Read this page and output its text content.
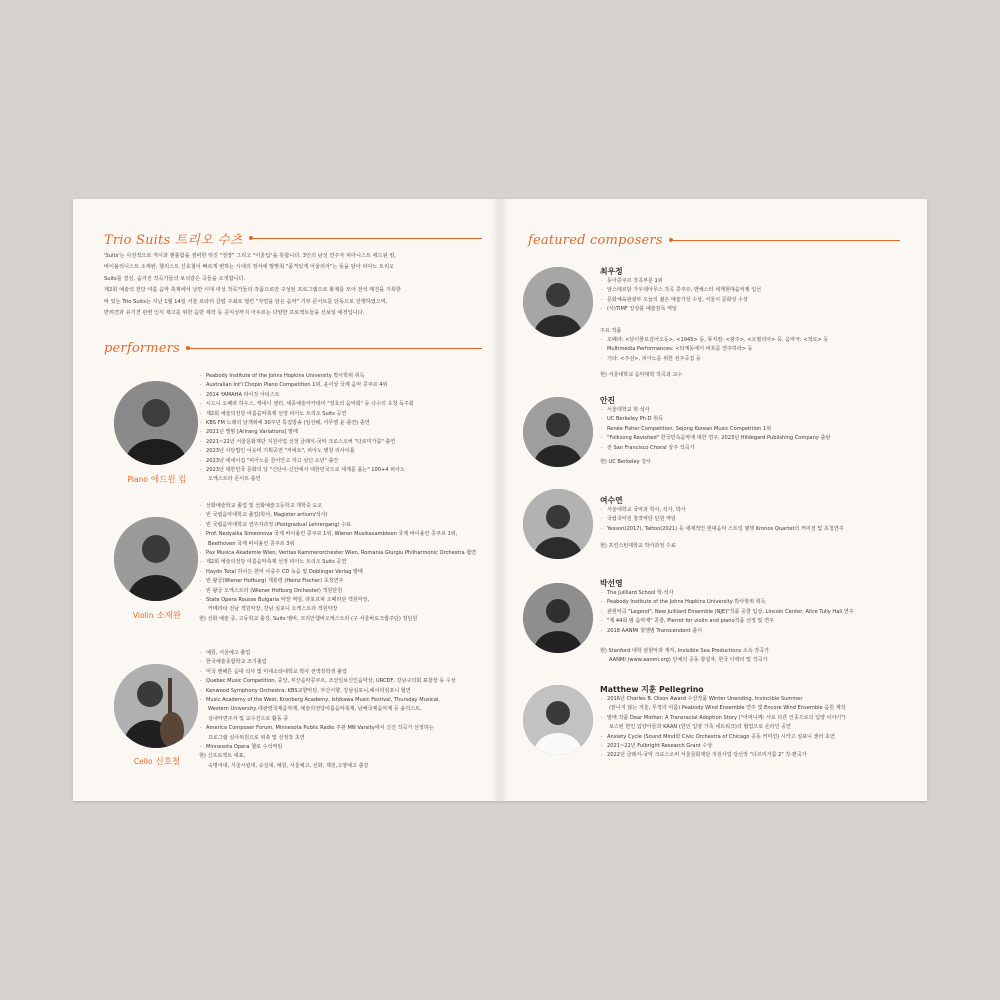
Trio Suits 트리오 수츠

'Suits'는 사전적으로 격식과 젠틀함을 겸비한 멋진 "정장" 그리고 "어울림"을 뜻합니다. 3인의 남성 연주자 피아니스트 에드윈 킴,

바이올리니스트 소재완, 첼리스트 신호철이 빠르게 변하는 시대의 정서에 발맞춰 "품격있게 어울리자"는 뜻을 담아 피아노 트리오

Suits를 결성, 숨겨진 작곡가들의 보석같은 곡들을 소개합니다.

제2회 예술의 전당 여름 음악 축제에서 낭만 시대 여성 작곡가들의 작품으로만 구성된 프로그램으로 화제를 모아 전석 매진을 기록한

바 있는 Trio Suits는 지난 1월 14일 서울 로타리 클럽 주최로 열린 "자연을 담은 음악" 기부 콘서트를 단독으로 진행하였으며,

반려견과 유기견 관련 인식 제고를 위한 음반 제작 등 공익성까지 아우르는 다양한 프로젝트들을 선보일 예정입니다.

performers
Piano 에드윈 킴
· Peabody Institute of the Johns Hopkins University 박사학위 취득
· Australian Int'l Chopin Piano Competition 1위, 윤이상 국제 음악 콩쿠르 4위
· 2014 YAMAHA 라이징 아티스트
· 시드니 오페라 하우스, 케네디 센터, 세종예술아카데미 "정호의 음악회" 등 다수의 초청 독주회
· 제2회 예술의전당 여름음악축제 선정 피아노 트리오 Suits 공연
· KBS FM 노래의 날개위에 30주년 특집방송 (임선혜, 사무엘 윤 출연) 출연
· 2021년 앨범 [Arirang Variations] 발매
· 2021~22년 서울문화재단 지원사업 선정 클래식-국악 크로스오버 "다르미가름" 출연
· 2023년 사단법인 어웃비 기획공연 "저에요", 피아노 병창 리사이틀
· 2023년 에세이집 "피아노를 끌어안고 자고 싶던 소년" 출간
· 2023년 대한민국 문화의 달 "신단이-신안에서 대한민국으로 세계를 품는" 100+4 피아노
오케스트라 콘서트 출연
Violin 소재완
· 선화예술학교 졸업 및 선화예술고등학교 재학중 도오
· 빈 국립음악대학교 졸업(학사, Magister artium/석사)
· 빈 국립음악대학교 연주자과정 (Postgradual Lehrergang) 수료
· Prof. Nedyalka Simeonova 국제 바이올린 콩쿠르 1위, Wiener Musikasambleen 국제 바이올린 콩쿠르 1위,
Beethoven 국제 바이올린 콩쿠르 3위
· Pax Musica Akademie Wien, Veritas Kammerorchester Wien, Romania Giurgiu Philharmonic Orchestra 협연
· 제2회 예술의전당 여름음악축제 선정 피아노 트리오 Suits 공연
· Haydn Total 하이든 현악 사중주 CD 녹음 및 Doblinger Verlag 발매
· 빈 왕궁(Wiener Hofburg) 재통령 (Heinz Fischer) 초청연주
· 빈 왕궁 오케스트라 (Wiener Hofburg Orchester) 객원단원
· State Opera Rousse Bulgaria 악장 역임, 라포르파 오페라단 객원악장,
카메라타 전남 객원악장, 강남 심포니 오케스트라 객원악장
현) 선화 예술 중, 고등학교 출강, Suits 멤버, 코리안챔버오케스트라 (구 서울바로크합주단) 정단원
Cello 신호철
· 예원, 서울예고 졸업
· 한국예술종합학교 조기졸업
· 미국 맨해튼 음대 석사 및 미네소타대학교 박사 전액장학생 졸업
· Quebec Music Competition, 중앙, 부산음악콩쿠르, 조선일보신인음악상, URCDF, 강남구의회 표창장 등 수상
· Kenwood Symphony Orchestra, KBS교향악단, 부산시향, 강남심포니,헤이리심포니 협연
· Music Academy of the West, Kronberg Academy, Ishikawa Music Festival, Thursday Musical,
Western University,대관령국제음악제, 예술의전당여름음악축제, 남해국제음악제 등 솔리스트,
실내악연주자 및 교수진으로 활동 중
· America Composer Forum, Minnesota Public Radio 주관 MN Varsity에서 신진 작곡가 선정하는
프로그램 심사위원으로 위촉 및 선정작 초연
· Minnesota Opera 첼로 수석역임
현) 신프로젝트 대표,
숙명여대, 서울시립대, 숭실대, 예원, 서울예고, 선화, 계원,고양예고 출강
featured composers
최우정
· 동아콩쿠르 작곡부문 1위
· 암스테르담 가우데아무스 작곡 콩쿠르, 맨체스터 세계현대음악제 입선
· 문화체육관광부 오늘의 젊은 예술가상 수상, 서울시 문화상 수상
· (사)TIMF 앙상블 예술감독 역임
주요 작품
· 오페라: <달이물로걸어오듯>, <1945> 등, 뮤지컬: <광주>, <오필리아> 등, 음악극: <적로> 등
· Multimedia Performances: <탁계동에서 바흐를 연주하라> 등
· 기타: <주선>, 피아노를 위한 전주곡집 등
현) 서울대학교 음악대학 작곡과 교수
안진
· 서울대학교 학·석사
· UC Berkeley Ph.D 취득
· Renée Fisher Competition, Sejong Korean Music Competition 1위
· "Folksong Revisited" 한국민속음악에 대한 연구, 2023년 Hildegard Publishing Company 출판
· 전 San Francisco Choral 상주 작곡가
현) UC Berkeley 강사
여수연
· 서울대학교 국악과 학사, 석사, 박사
· 국립국악원 창작악단 단원 역임
· Yessori(2017), Tattoo(2021) 등 세계적인 현대음악 스트링 퀄텟 Kronos Quartet의 커미션 및 초청연주
현) 프린스턴대학교 박사과정 수료
박선영
· The Juilliard School 학·석사
· Peabody Institute of the Johns Hopkins University 박사학위 취득
· 관현악곡 "Legend", New Juilliard Ensemble (NJE)"작품 공쿨 입상, Lincoln Center, Alice Tully Hall 연주
· "제 44회 범 음악제" 콩쿨, Pierrot for violin and piano작품 선정 및 연주
· 2018 AANMI 첫앨범 Transcendent 출시
현) Stanford 대학 관현악과 재직, Invisible Sea Productions 소속 작곡가
AANMI (www.aanmi.org) 단체의 공동 창설자, 한국 디렉터 및 작곡가
Matthew 지훈 Pellegrino
· 2016년 Charles B. Olson Award 수상작품 Winter Unending, Invincible Summer
(끝나지 않는 겨울, 무적의 여름) Peabody Wind Ensemble 연주 및 Encore Wind Ensemble 음원 제작
· 발매 작품 Dear Mother: A Transracial Adoption Story ("어머니께: 서로 다른 인종으로의 입양 이야기")
보스턴 한인 입양아들과 KAAN (한인 입양 가족 네트워크)의 협업으로 온라인 공연
· Anxiety Cycle (Sound Mind와 Civic Orchestra of Chicago 공동 커미션) 시카고 심포니 센터 초연
· 2021~22년 Fulbright Research Grant 수상
· 2022년 클래식-국악 크로스오버 서울문화재단 지원사업 당선작 "다르미가름 2" 작·편곡가
